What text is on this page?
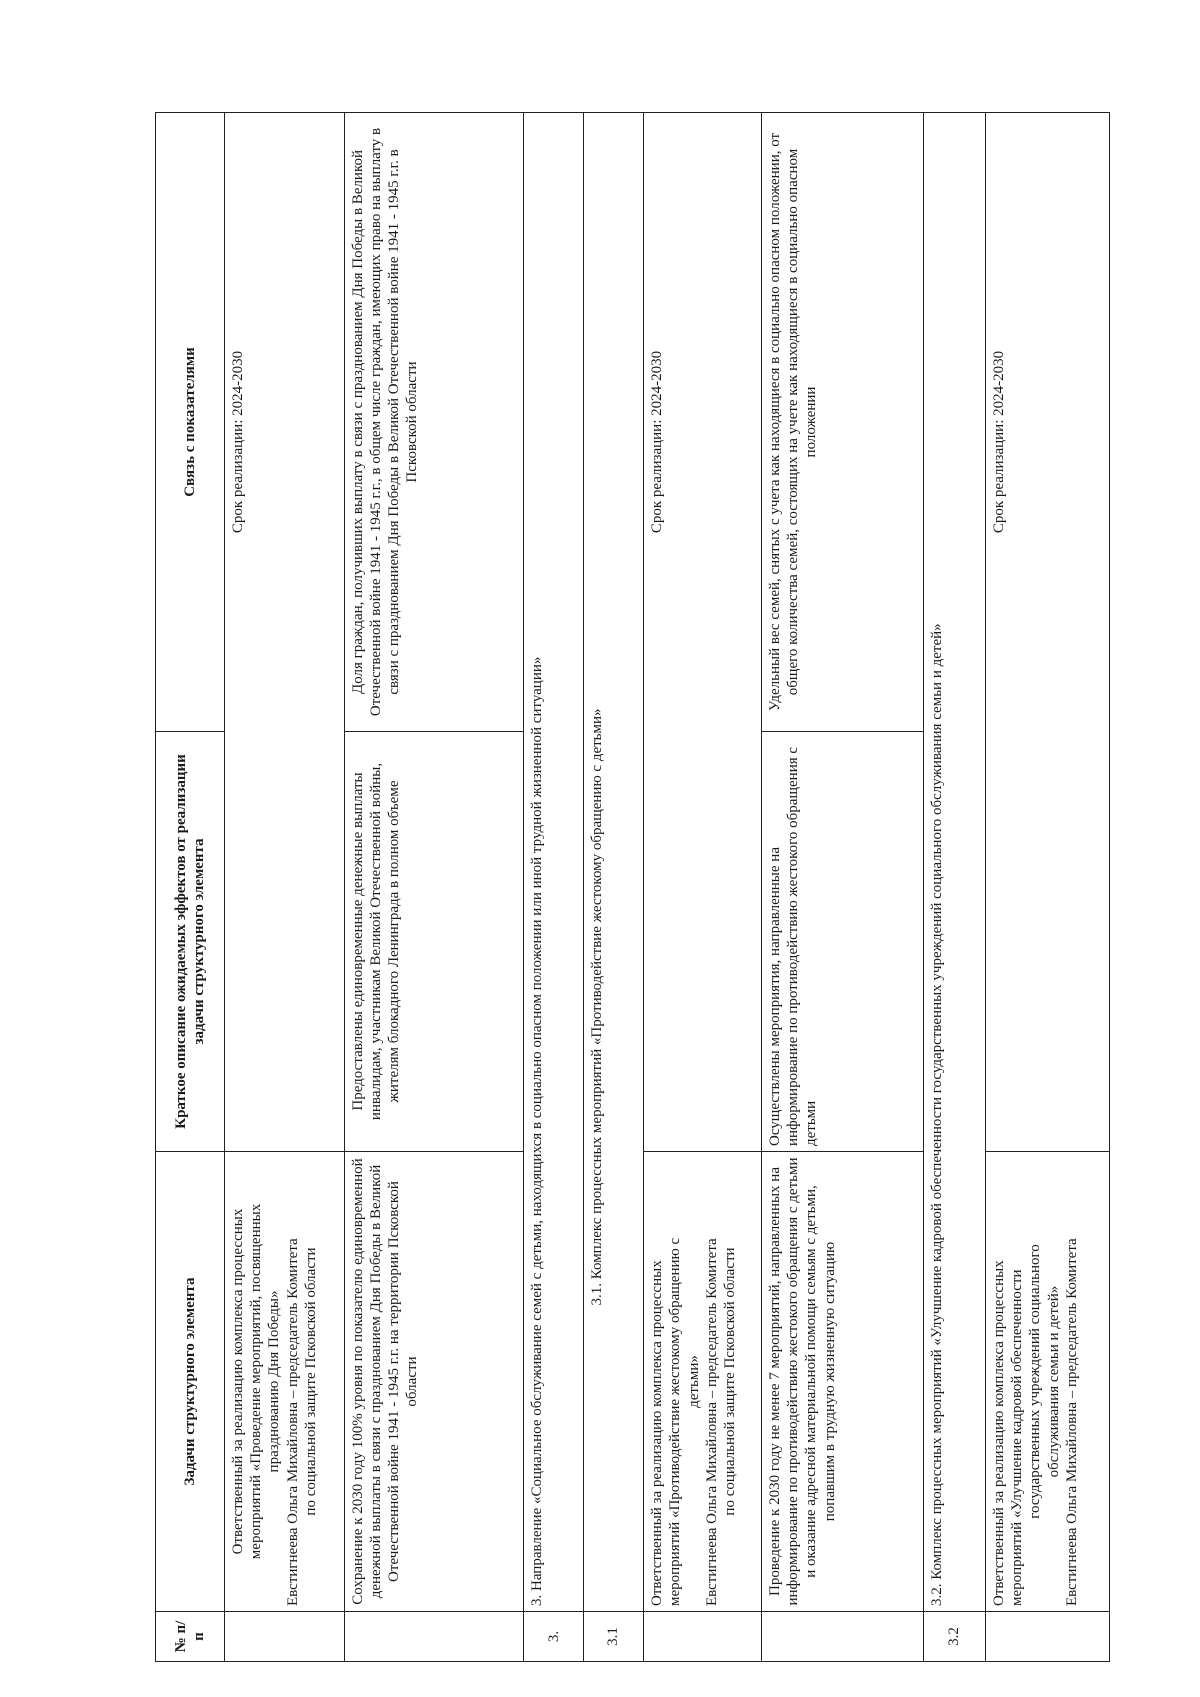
№ п/п	Задачи структурного элемента	Краткое описание ожидаемых эффектов от реализации задачи структурного элемента	Связь с показателями

	Ответственный за реализацию комплекса процессных мероприятий «Проведение мероприятий, посвященных празднованию Дня Победы» Евстигнеева Ольга Михайловна – председатель Комитета по социальной защите Псковской области	Срок реализации: 2024-2030	
	Сохранение к 2030 году 100% уровня по показателю единовременной денежной выплаты в связи с празднованием Дня Победы в Великой Отечественной войне 1941 - 1945 г.г. на территории Псковской области	Предоставлены единовременные денежные выплаты инвалидам, участникам Великой Отечественной войны, жителям блокадного Ленинграда в полном объеме	Доля граждан, получивших выплату в связи с празднованием Дня Победы в Великой Отечественной войне 1941 - 1945 г.г., в общем числе граждан, имеющих право на выплату в связи с празднованием Дня Победы в Великой Отечественной войне 1941 - 1945 г.г. в Псковской области
3.	3. Направление «Социальное обслуживание семей с детьми, находящихся в социально опасном положении или иной трудной жизненной ситуации»		
3.1	3.1. Комплекс процессных мероприятий «Противодействие жестокому обращению с детьми»		

	Ответственный за реализацию комплекса процессных мероприятий «Противодействие жестокому обращению с детьми» Евстигнеева Ольга Михайловна – председатель Комитета по социальной защите Псковской области	Срок реализации: 2024-2030	
	Проведение к 2030 году не менее 7 мероприятий, направленных на информирование по противодействию жестокого обращения с детьми и оказание адресной материальной помощи семьям с детьми, попавшим в трудную жизненную ситуацию	Осуществлены мероприятия, направленные на информирование по противодействию жестокого обращения с детьми	Удельный вес семей, снятых с учета как находящиеся в социально опасном положении, от общего количества семей, состоящих на учете как находящиеся в социально опасном положении
3.2	3.2. Комплекс процессных мероприятий «Улучшение кадровой обеспеченности государственных учреждений социального обслуживания семьи и детей»		

	Ответственный за реализацию комплекса процессных мероприятий «Улучшение кадровой обеспеченности государственных учреждений социального обслуживания семьи и детей» Евстигнеева Ольга Михайловна – председатель Комитета	Срок реализации: 2024-2030	
